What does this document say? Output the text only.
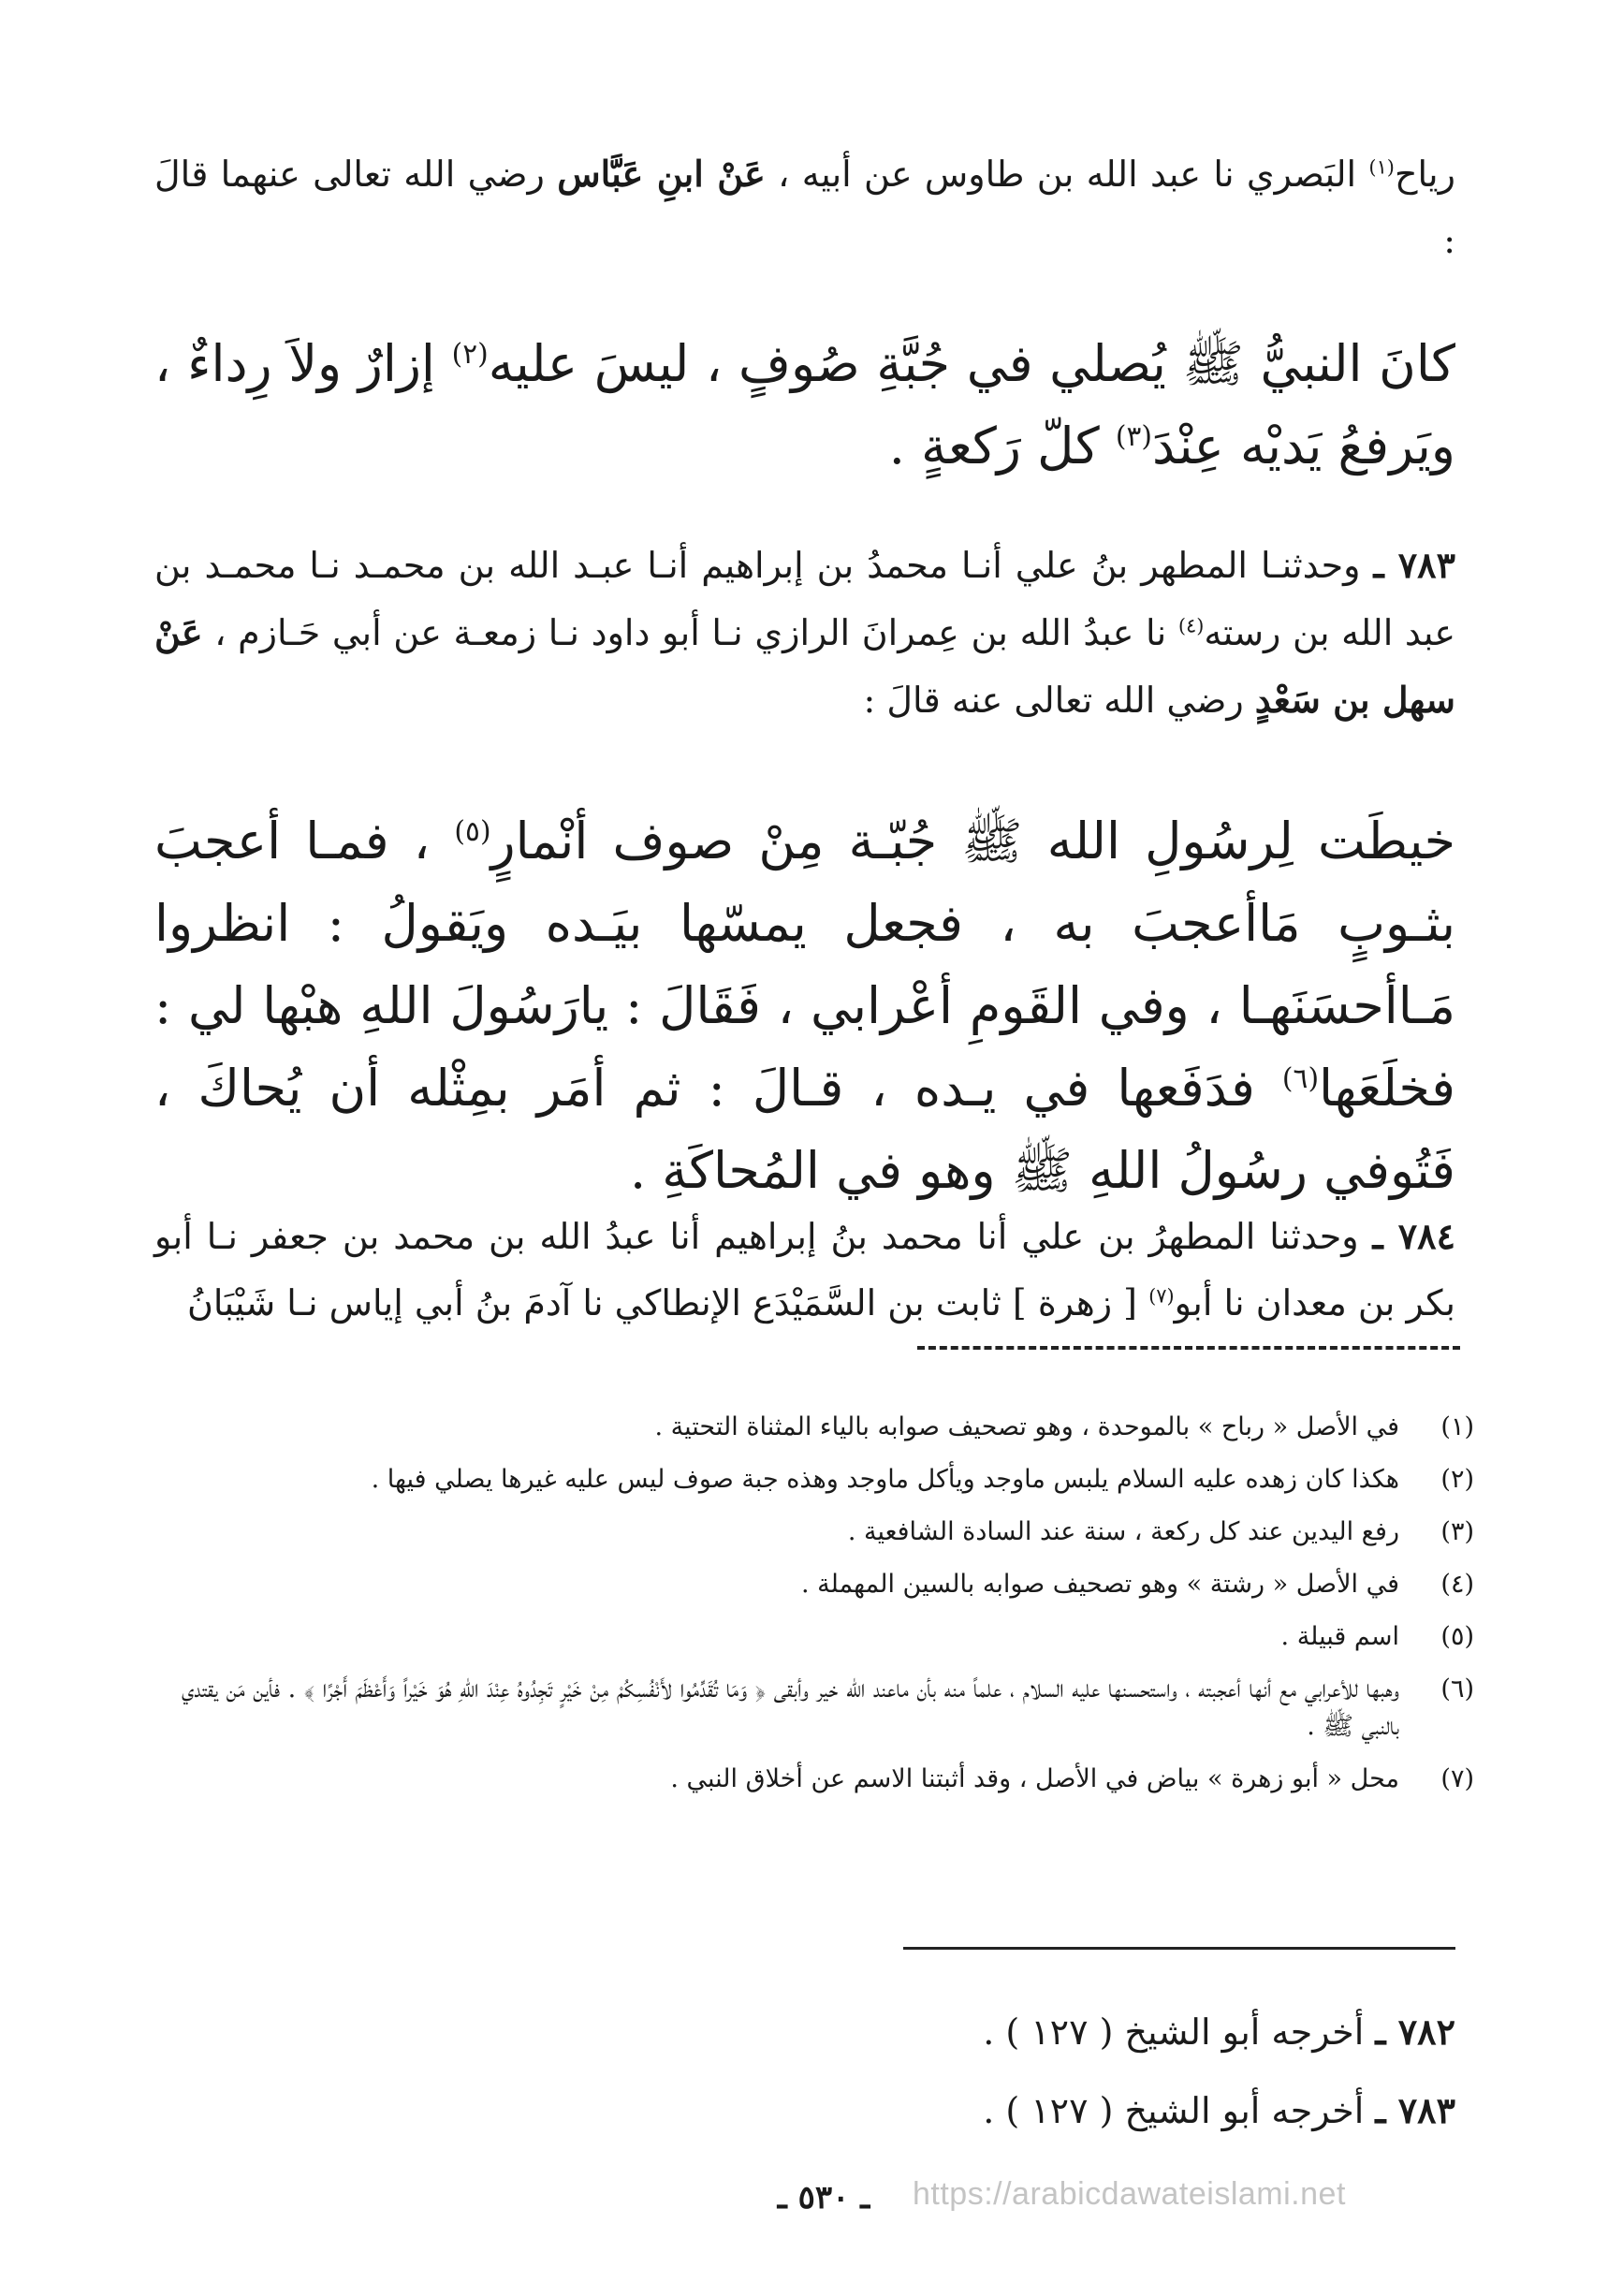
رياح$^{(١)}$ البَصري نا عبد الله بن طاوس عن أبيه ، عَنْ ابنِ عَبَّاس رضي الله تعالى عنهما قالَ :

كانَ النبيُّ ﷺ يُصلي في جُبَّةِ صُوفٍ ، ليسَ عليه$^{(٢)}$ إزارٌ ولاَ رِداءٌ ، ويَرفعُ يَديْه عِنْدَ$^{(٣)}$ كلّ رَكعةٍ .

٧٨٣ ـ وحدثنـا المطهر بنُ علي أنـا محمدُ بن إبراهيم أنـا عبـد الله بن محمـد نـا محمـد بن عبد الله بن رسته$^{(٤)}$ نا عبدُ الله بن عِمرانَ الرازي نـا أبو داود نـا زمعـة عن أبي حَـازم ، عَنْ سهل بن سَعْدٍ رضي الله تعالى عنه قالَ :

خيطَت لِرسُولِ الله ﷺ جُبّـة مِنْ صوف أنْمارٍ$^{(٥)}$ ، فمـا أعجبَ بثـوبٍ مَاأعجبَ به ، فجعل يمسّها بيَـده ويَقولُ : انظروا مَـاأحسَنَهـا ، وفي القَومِ أعْرابي ، فَقَالَ : يارَسُولَ اللهِ هبْها لي : فخلَعَها$^{(٦)}$ فدَفَعها في يـده ، قـالَ : ثم أمَر بمِثْله أن يُحاكَ ، فَتُوفي رسُولُ اللهِ ﷺ وهو في المُحاكَةِ .

٧٨٤ ـ وحدثنا المطهرُ بن علي أنا محمد بنُ إبراهيم أنا عبدُ الله بن محمد بن جعفر نـا أبو بكر بن معدان نا أبو$^{(٧)}$ [ زهرة ] ثابت بن السَّمَيْدَع الإنطاكي نا آدمَ بنُ أبي إياس نـا شَيْبَانُ

(١)
في الأصل « رباح » بالموحدة ، وهو تصحيف صوابه بالياء المثناة التحتية .
(٢)
هكذا كان زهده عليه السلام يلبس ماوجد ويأكل ماوجد وهذه جبة صوف ليس عليه غيرها يصلي فيها .
(٣)
رفع اليدين عند كل ركعة ، سنة عند السادة الشافعية .
(٤)
في الأصل « رشتة » وهو تصحيف صوابه بالسين المهملة .
(٥)
اسم قبيلة .
(٦)
وهبها للأعرابي مع أنها أعجبته ، واستحسنها عليه السلام ، علماً منه بأن ماعند الله خير وأبقى ﴿ وَمَا تُقَدِّمُوا لأَنْفُسِكُمْ مِنْ خَيْرٍ تَجِدُوهُ عِنْدَ اللهِ هُوَ خَيْراً وَأَعْظَمَ أَجْرًا ﴾ . فأين مَن يقتدي بالنبي ﷺ .
(٧)
محل « أبو زهرة » بياض في الأصل ، وقد أثبتنا الاسم عن أخلاق النبي .
٧٨٢ ـ أخرجه أبو الشيخ ( ١٢٧ ) .
٧٨٣ ـ أخرجه أبو الشيخ ( ١٢٧ ) .
ـ ٥٣٠ ـ	https://arabicdawateislami.net
